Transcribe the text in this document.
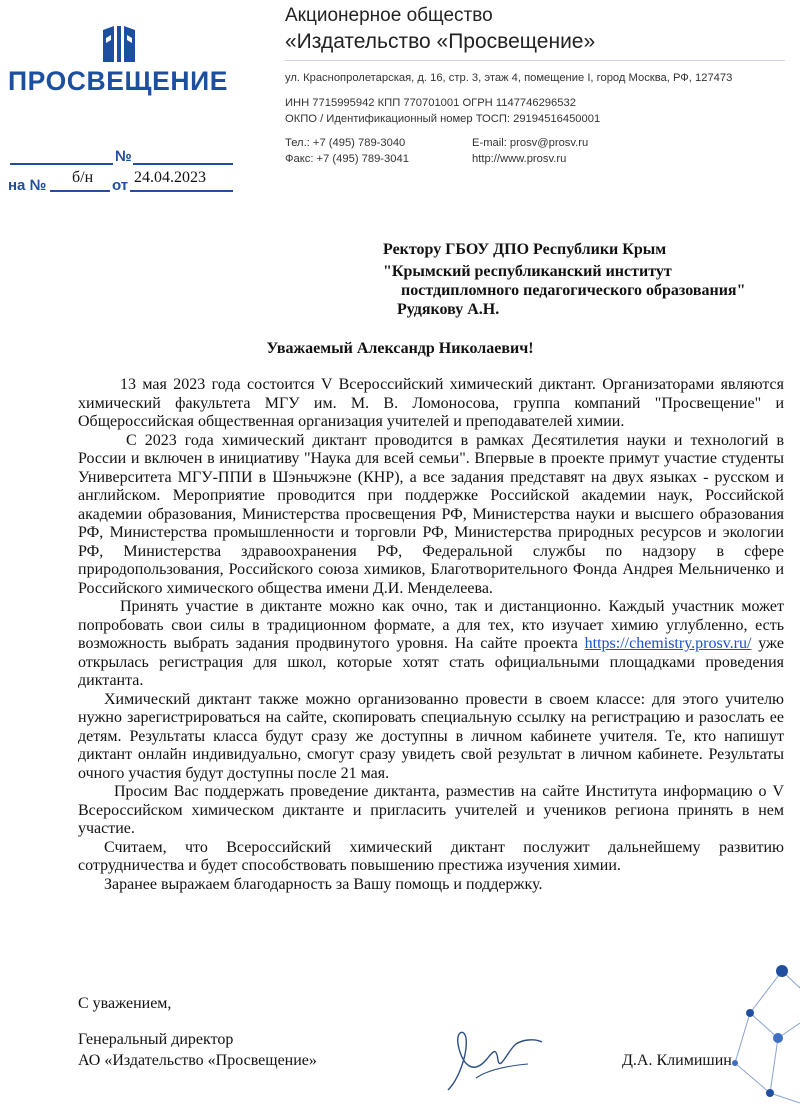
ПРОСВЕЩЕНИЕ
Акционерное общество
«Издательство «Просвещение»
ул. Краснопролетарская, д. 16, стр. 3, этаж 4, помещение I, город Москва, РФ, 127473
ИНН 7715995942 КПП 770701001 ОГРН 1147746296532
ОКПО / Идентификационный номер ТОСП: 29194516450001
Тел.: +7 (495) 789-3040
Факс: +7 (495) 789-3041
E-mail: prosv@prosv.ru
http://www.prosv.ru
№
на № б/н от 24.04.2023
Ректору ГБОУ ДПО Республики Крым
"Крымский республиканский институт
постдипломного педагогического образования"
Рудякову А.Н.
Уважаемый Александр Николаевич!

13 мая 2023 года состоится V Всероссийский химический диктант. Организаторами являются химический факультета МГУ им. М. В. Ломоносова, группа компаний "Просвещение" и Общероссийская общественная организация учителей и преподавателей химии.

С 2023 года химический диктант проводится в рамках Десятилетия науки и технологий в России и включен в инициативу "Наука для всей семьи". Впервые в проекте примут участие студенты Университета МГУ-ППИ в Шэньчжэне (КНР), а все задания представят на двух языках - русском и английском. Мероприятие проводится при поддержке Российской академии наук, Российской академии образования, Министерства просвещения РФ, Министерства науки и высшего образования РФ, Министерства промышленности и торговли РФ, Министерства природных ресурсов и экологии РФ, Министерства здравоохранения РФ, Федеральной службы по надзору в сфере природопользования, Российского союза химиков, Благотворительного Фонда Андрея Мельниченко и Российского химического общества имени Д.И. Менделеева.

Принять участие в диктанте можно как очно, так и дистанционно. Каждый участник может попробовать свои силы в традиционном формате, а для тех, кто изучает химию углубленно, есть возможность выбрать задания продвинутого уровня. На сайте проекта https://chemistry.prosv.ru/ уже открылась регистрация для школ, которые хотят стать официальными площадками проведения диктанта.

Химический диктант также можно организованно провести в своем классе: для этого учителю нужно зарегистрироваться на сайте, скопировать специальную ссылку на регистрацию и разослать ее детям. Результаты класса будут сразу же доступны в личном кабинете учителя. Те, кто напишут диктант онлайн индивидуально, смогут сразу увидеть свой результат в личном кабинете. Результаты очного участия будут доступны после 21 мая.

Просим Вас поддержать проведение диктанта, разместив на сайте Института информацию о V Всероссийском химическом диктанте и пригласить учителей и учеников региона принять в нем участие.

Считаем, что Всероссийский химический диктант послужит дальнейшему развитию сотрудничества и будет способствовать повышению престижа изучения химии.

Заранее выражаем благодарность за Вашу помощь и поддержку.

С уважением,
Генеральный директор
АО «Издательство «Просвещение»	Д.А. Климишин
